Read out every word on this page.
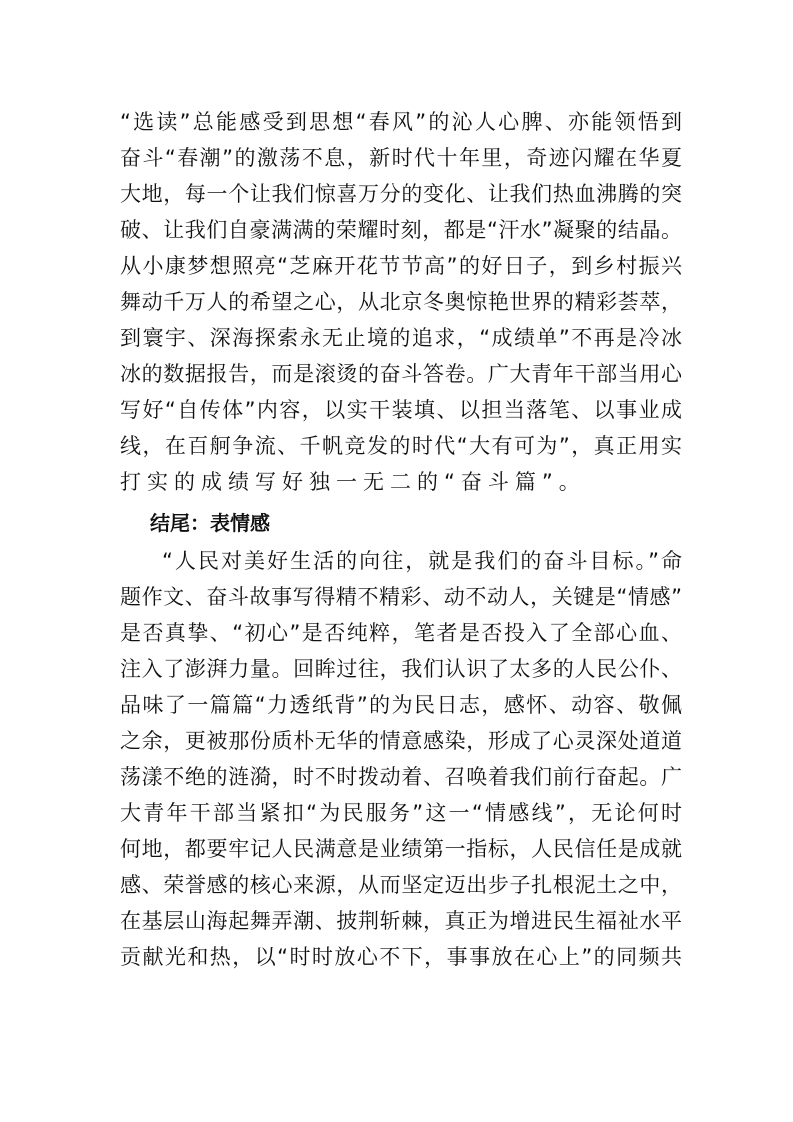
“选读”总能感受到思想“春风”的沁人心脾、亦能领悟到
奋斗“春潮”的激荡不息，新时代十年里，奇迹闪耀在华夏
大地，每一个让我们惊喜万分的变化、让我们热血沸腾的突
破、让我们自豪满满的荣耀时刻，都是“汗水”凝聚的结晶。
从小康梦想照亮“芝麻开花节节高”的好日子，到乡村振兴
舞动千万人的希望之心，从北京冬奥惊艳世界的精彩荟萃，
到寰宇、深海探索永无止境的追求，“成绩单”不再是冷冰
冰的数据报告，而是滚烫的奋斗答卷。广大青年干部当用心
写好“自传体”内容，以实干装填、以担当落笔、以事业成
线，在百舸争流、千帆竞发的时代“大有可为”，真正用实
打实的成绩写好独一无二的“奋斗篇”。
结尾：表情感
“人民对美好生活的向往，就是我们的奋斗目标。”命
题作文、奋斗故事写得精不精彩、动不动人，关键是“情感”
是否真挚、“初心”是否纯粹，笔者是否投入了全部心血、
注入了澎湃力量。回眸过往，我们认识了太多的人民公仆、
品味了一篇篇“力透纸背”的为民日志，感怀、动容、敬佩
之余，更被那份质朴无华的情意感染，形成了心灵深处道道
荡漾不绝的涟漪，时不时拨动着、召唤着我们前行奋起。广
大青年干部当紧扣“为民服务”这一“情感线”，无论何时
何地，都要牢记人民满意是业绩第一指标，人民信任是成就
感、荣誉感的核心来源，从而坚定迈出步子扎根泥土之中，
在基层山海起舞弄潮、披荆斩棘，真正为增进民生福祉水平
贡献光和热，以“时时放心不下，事事放在心上”的同频共
